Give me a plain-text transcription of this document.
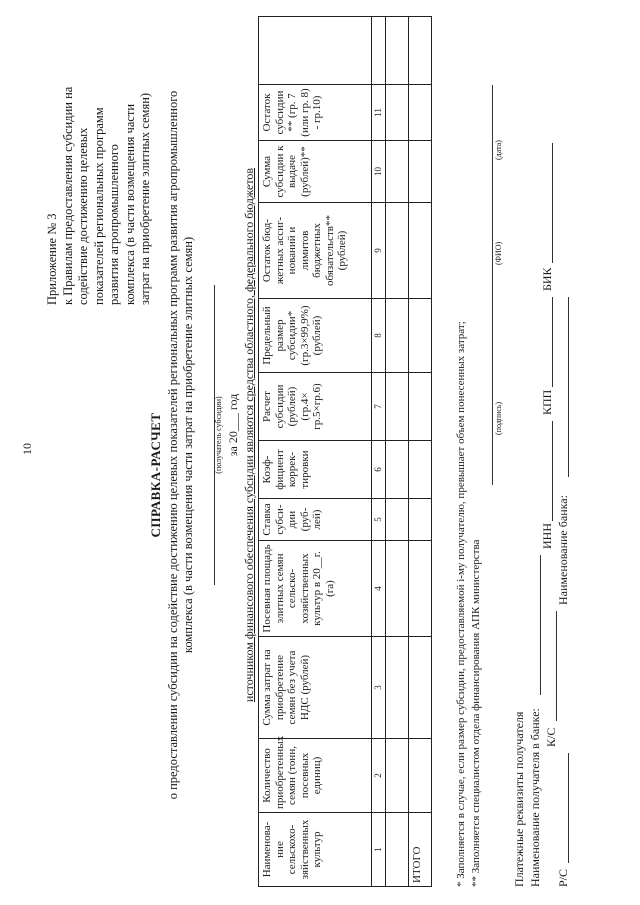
10
Приложение № 3 к Правилам предоставления субсидии на содействие достижению целевых показателей региональных программ развития агропромышленного комплекса (в части возмещения части затрат на приобретение элитных семян)
СПРАВКА-РАСЧЕТ о предоставлении субсидии на содействие достижению целевых показателей региональных программ развития агропромышленного комплекса (в части возмещения части затрат на приобретение элитных семян) (получатель субсидии) за 20___ год источником финансового обеспечения субсидии являются средства областного, федерального бюджетов
Наименова-ние сельскохо-зяйственных культур	Количество приобретенных семян (тонн, посевных единиц)	Сумма затрат на приобретение семян без учета НДС (рублей)	Посевная площадь элитных семян сельско-хозяйственных культур в 20__г.(га)	Ставка субси-дии (руб-лей)	Коэф-фициент коррек-тировки	Расчет субсидии (рублей) (гр.4× гр.5×гр.6)	Предельный размер субсидии* (гр.3×99,9%) (рублей)	Остаток бюд-жетных ассиг-нований и лимитов бюджетных обязательств** (рублей)	Сумма субсидии к выдаче (рублей)**	Остаток субсидии ** (гр. 7 (или гр. 8) - гр.10)	
1	2	3	4	5	6	7	8	9	10	11	

ИТОГО												* Заполняется в случае, если размер субсидии, предоставляемой i-му получателю, превышает объем понесенных затрат; ** Заполняется специалистом отдела финансирования АПК министерства
(подпись)
(ФИО)
(дата)
Платежные реквизиты получателя Наименование получателя в банке:
ИНН
КПП
БИК
Р/С
К/С
Наименование банка:
